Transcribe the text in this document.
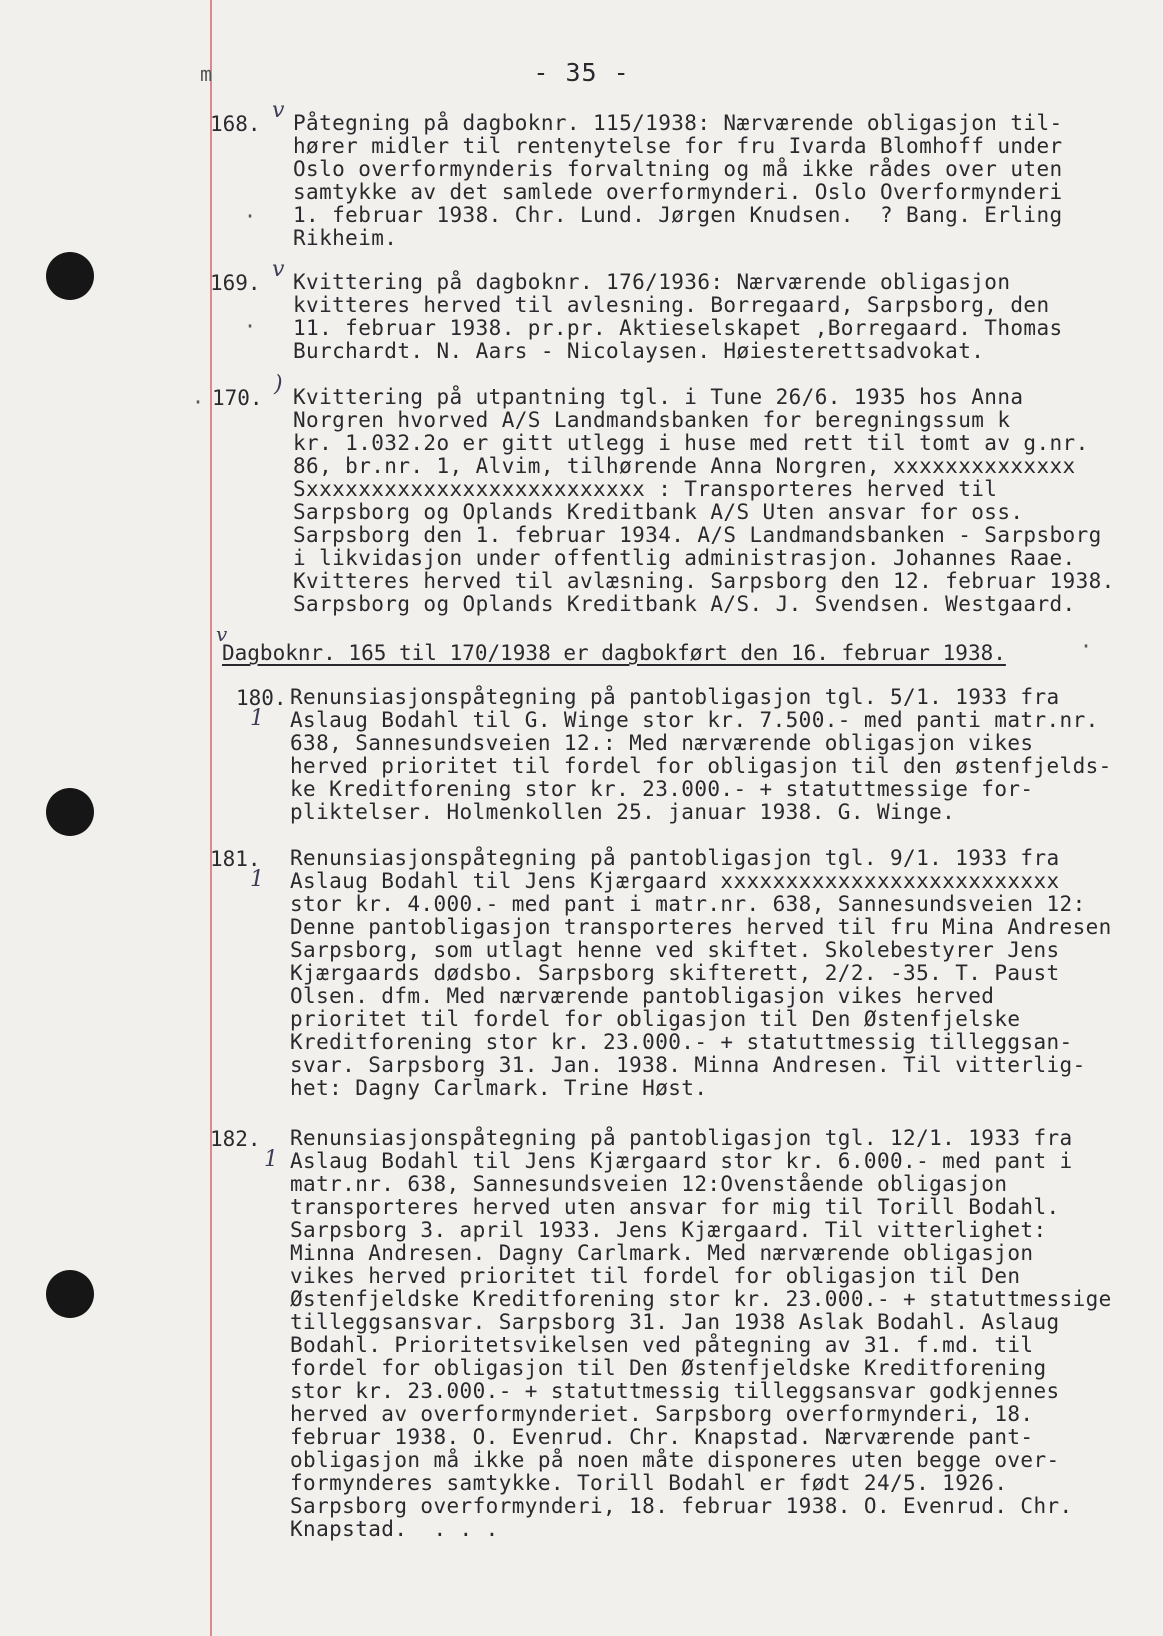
m	- 35 -
168.
v Påtegning på dagboknr. 115/1938: Nærværende obligasjon til-
hører midler til rentenytelse for fru Ivarda Blomhoff under
Oslo overformynderis forvaltning og må ikke rådes over uten
samtykke av det samlede overformynderi. Oslo Overformynderi
1. februar 1938. Chr. Lund. Jørgen Knudsen.  ? Bang. Erling
Rikheim.
169.
v Kvittering på dagboknr. 176/1936: Nærværende obligasjon
kvitteres herved til avlesning. Borregaard, Sarpsborg, den
11. februar 1938. pr.pr. Aktieselskapet ,Borregaard. Thomas
Burchardt. N. Aars - Nicolaysen. Høiesterettsadvokat.
170.
) Kvittering på utpantning tgl. i Tune 26/6. 1935 hos Anna
Norgren hvorved A/S Landmandsbanken for beregningssum k
kr. 1.032.2o er gitt utlegg i huse med rett til tomt av g.nr.
86, br.nr. 1, Alvim, tilhørende Anna Norgren, xxxxxxxxxxxxxx
Sxxxxxxxxxxxxxxxxxxxxxxxxxx : Transporteres herved til
Sarpsborg og Oplands Kreditbank A/S Uten ansvar for oss.
Sarpsborg den 1. februar 1934. A/S Landmandsbanken - Sarpsborg
i likvidasjon under offentlig administrasjon. Johannes Raae.
Kvitteres herved til avlæsning. Sarpsborg den 12. februar 1938.
Sarpsborg og Oplands Kreditbank A/S. J. Svendsen. Westgaard.
180.
1
Renunsiasjonspåtegning på pantobligasjon tgl. 5/1. 1933 fra
Aslaug Bodahl til G. Winge stor kr. 7.500.- med panti matr.nr.
638, Sannesundsveien 12.: Med nærværende obligasjon vikes
herved prioritet til fordel for obligasjon til den østenfjelds-
ke Kreditforening stor kr. 23.000.- + statuttmessige for-
pliktelser. Holmenkollen 25. januar 1938. G. Winge.
181.
1
Renunsiasjonspåtegning på pantobligasjon tgl. 9/1. 1933 fra
Aslaug Bodahl til Jens Kjærgaard xxxxxxxxxxxxxxxxxxxxxxxxxx
stor kr. 4.000.- med pant i matr.nr. 638, Sannesundsveien 12:
Denne pantobligasjon transporteres herved til fru Mina Andresen
Sarpsborg, som utlagt henne ved skiftet. Skolebestyrer Jens
Kjærgaards dødsbo. Sarpsborg skifterett, 2/2. -35. T. Paust
Olsen. dfm. Med nærværende pantobligasjon vikes herved
prioritet til fordel for obligasjon til Den Østenfjelske
Kreditforening stor kr. 23.000.- + statuttmessig tilleggsan-
svar. Sarpsborg 31. Jan. 1938. Minna Andresen. Til vitterlig-
het: Dagny Carlmark. Trine Høst.
182.
1
Renunsiasjonspåtegning på pantobligasjon tgl. 12/1. 1933 fra
Aslaug Bodahl til Jens Kjærgaard stor kr. 6.000.- med pant i
matr.nr. 638, Sannesundsveien 12:Ovenstående obligasjon
transporteres herved uten ansvar for mig til Torill Bodahl.
Sarpsborg 3. april 1933. Jens Kjærgaard. Til vitterlighet:
Minna Andresen. Dagny Carlmark. Med nærværende obligasjon
vikes herved prioritet til fordel for obligasjon til Den
Østenfjeldske Kreditforening stor kr. 23.000.- + statuttmessige
tilleggsansvar. Sarpsborg 31. Jan 1938 Aslak Bodahl. Aslaug
Bodahl. Prioritetsvikelsen ved påtegning av 31. f.md. til
fordel for obligasjon til Den Østenfjeldske Kreditforening
stor kr. 23.000.- + statuttmessig tilleggsansvar godkjennes
herved av overformynderiet. Sarpsborg overformynderi, 18.
februar 1938. O. Evenrud. Chr. Knapstad. Nærværende pant-
obligasjon må ikke på noen måte disponeres uten begge over-
formynderes samtykke. Torill Bodahl er født 24/5. 1926.
Sarpsborg overformynderi, 18. februar 1938. O. Evenrud. Chr.
Knapstad.  . . .
v
Dagboknr. 165 til 170/1938 er dagbokført den 16. februar 1938.
·
·
·
·
